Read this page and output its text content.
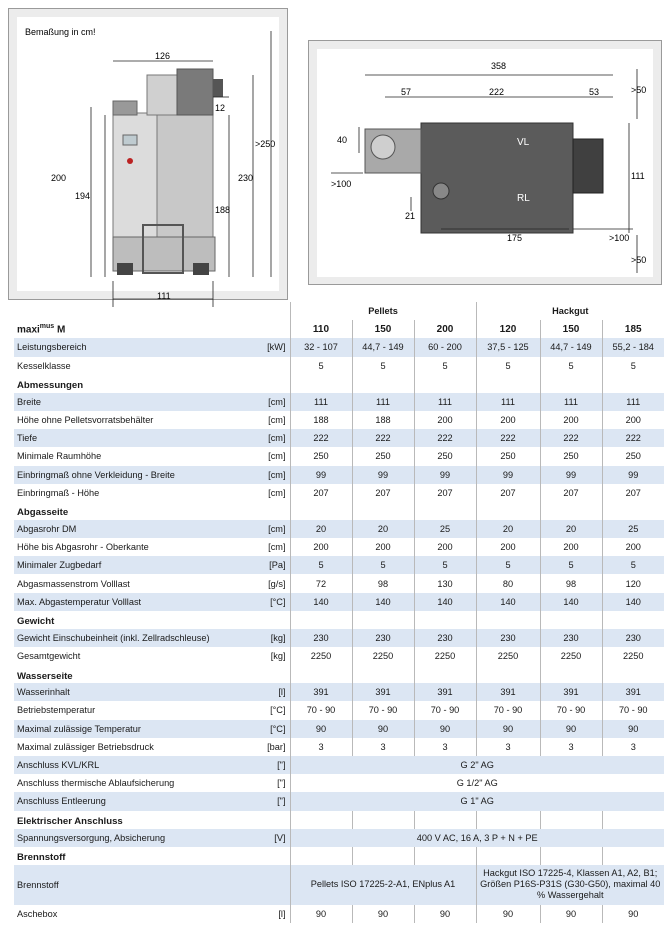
Bemaßung in cm!
126
12
>250
200
194
230
188
111
VL
RL
358
57	222	53	>50
40
>100
111
21
175	>100
>50
		Pellets			Hackgut		
maxi$^{mus}$ M		110	150	200	120	150	185
Leistungsbereich	[kW]	32 - 107	44,7 - 149	60 - 200	37,5 - 125	44,7 - 149	55,2 - 184
Kesselklasse		5	5	5	5	5	5
Abmessungen							
Breite	[cm]	111	111	111	111	111	111
Höhe ohne Pelletsvorratsbehälter	[cm]	188	188	200	200	200	200
Tiefe	[cm]	222	222	222	222	222	222
Minimale Raumhöhe	[cm]	250	250	250	250	250	250
Einbringmaß ohne Verkleidung - Breite	[cm]	99	99	99	99	99	99
Einbringmaß - Höhe	[cm]	207	207	207	207	207	207
Abgasseite							
Abgasrohr DM	[cm]	20	20	25	20	20	25
Höhe bis Abgasrohr - Oberkante	[cm]	200	200	200	200	200	200
Minimaler Zugbedarf	[Pa]	5	5	5	5	5	5
Abgasmassenstrom Volllast	[g/s]	72	98	130	80	98	120
Max. Abgastemperatur Volllast	[°C]	140	140	140	140	140	140
Gewicht							
Gewicht Einschubeinheit (inkl. Zellradschleuse)	[kg]	230	230	230	230	230	230
Gesamtgewicht	[kg]	2250	2250	2250	2250	2250	2250
Wasserseite							
Wasserinhalt	[l]	391	391	391	391	391	391
Betriebstemperatur	[°C]	70 - 90	70 - 90	70 - 90	70 - 90	70 - 90	70 - 90
Maximal zulässige Temperatur	[°C]	90	90	90	90	90	90
Maximal zulässiger Betriebsdruck	[bar]	3	3	3	3	3	3
Anschluss KVL/KRL	["]	G 2" AG					
Anschluss thermische Ablaufsicherung	["]	G 1/2" AG					
Anschluss Entleerung	["]	G 1" AG					
Elektrischer Anschluss							
Spannungsversorgung, Absicherung	[V]	400 V AC, 16 A, 3 P + N + PE					
Brennstoff							
Brennstoff		Pellets ISO 17225-2-A1, ENplus A1			Hackgut ISO 17225-4, Klassen A1, A2, B1; Größen P16S-P31S (G30-G50), maximal 40 % Wassergehalt		
Aschebox	[l]	90	90	90	90	90	90
